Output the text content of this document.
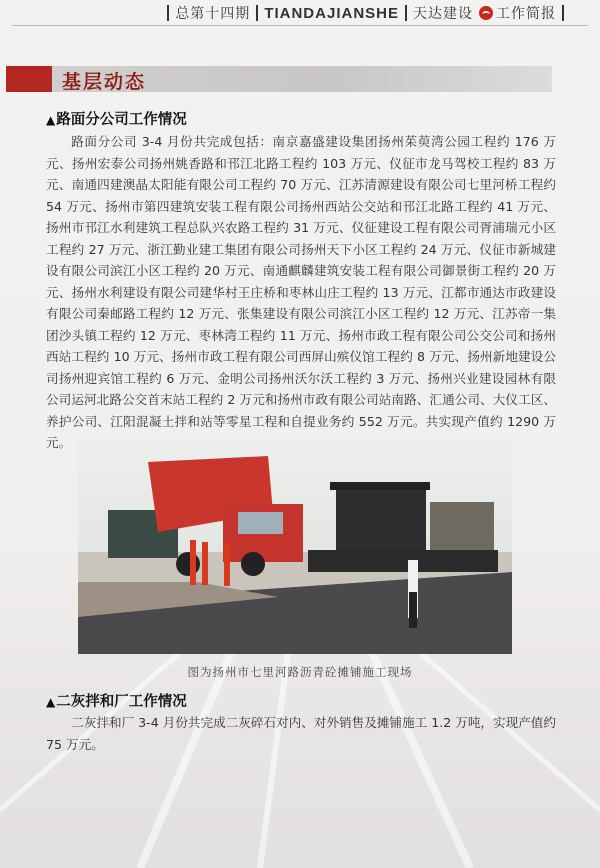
总第十四期 TIANDAJIANSHE 天达建设 工作简报
基层动态
▲路面分公司工作情况
路面分公司 3-4 月份共完成包括：南京嘉盛建设集团扬州茱萸湾公园工程约 176 万元、扬州宏泰公司扬州姚香路和邗江北路工程约 103 万元、仪征市龙马驾校工程约 83 万元、南通四建澳晶太阳能有限公司工程约 70 万元、江苏清源建设有限公司七里河桥工程约 54 万元、扬州市第四建筑安装工程有限公司扬州西站公交站和邗江北路工程约 41 万元、扬州市邗江水利建筑工程总队兴农路工程约 31 万元、仪征建设工程有限公司胥浦瑞元小区工程约 27 万元、浙江勤业建工集团有限公司扬州天下小区工程约 24 万元、仪征市新城建设有限公司滨江小区工程约 20 万元、南通麒麟建筑安装工程有限公司御景街工程约 20 万元、扬州水利建设有限公司建华村王庄桥和枣林山庄工程约 13 万元、江都市通达市政建设有限公司秦邮路工程约 12 万元、张集建设有限公司滨江小区工程约 12 万元、江苏帝一集团沙头镇工程约 12 万元、枣林湾工程约 11 万元、扬州市政工程有限公司公交公司和扬州西站工程约 10 万元、扬州市政工程有限公司西屏山殡仪馆工程约 8 万元、扬州新地建设公司扬州迎宾馆工程约 6 万元、金明公司扬州沃尔沃工程约 3 万元、扬州兴业建设园林有限公司运河北路公交首末站工程约 2 万元和扬州市政有限公司站南路、汇通公司、大仪工区、养护公司、江阳混凝土拌和站等零星工程和自提业务约 552 万元。共实现产值约 1290 万元。
图为扬州市七里河路沥青砼摊铺施工现场
▲二灰拌和厂工作情况
二灰拌和厂 3-4 月份共完成二灰碎石对内、对外销售及摊铺施工 1.2 万吨，实现产值约 75 万元。
